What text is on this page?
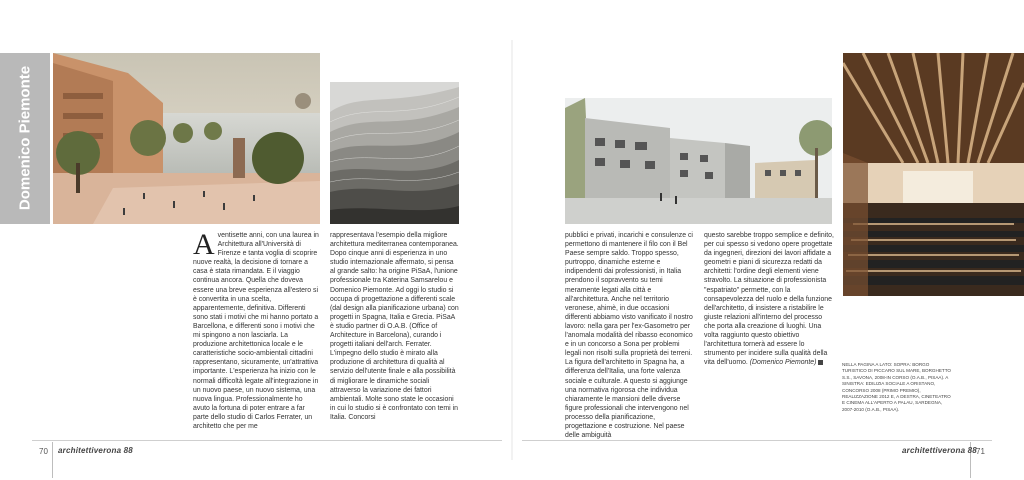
Domenico Piemonte

Aventisette anni, con una laurea in Architettura all'Università di Firenze e tanta voglia di scoprire nuove realtà, la decisione di tornare a casa è stata rimandata. E il viaggio continua ancora. Quella che doveva essere una breve esperienza all'estero si è convertita in una scelta, apparentemente, definitiva. Differenti sono stati i motivi che mi hanno portato a Barcellona, e differenti sono i motivi che mi spingono a non lasciarla. La produzione architettonica locale e le caratteristiche socio-ambientali cittadini rappresentano, sicuramente, un'attrattiva importante. L'esperienza ha inizio con le normali difficoltà legate all'integrazione in un nuovo paese, un nuovo sistema, una nuova lingua. Professionalmente ho avuto la fortuna di poter entrare a far parte dello studio di Carlos Ferrater, un architetto che per me

rappresentava l'esempio della migliore architettura mediterranea contemporanea. Dopo cinque anni di esperienza in uno studio internazionale affermato, si pensa al grande salto: ha origine PiSaA, l'unione professionale tra Katerina Samsarelou e Domenico Piemonte. Ad oggi lo studio si occupa di progettazione a differenti scale (dal design alla pianificazione urbana) con progetti in Spagna, Italia e Grecia. PiSaA è studio partner di O.A.B. (Office of Architecture in Barcelona), curando i progetti italiani dell'arch. Ferrater. L'impegno dello studio è mirato alla produzione di architettura di qualità al servizio dell'utente finale e alla possibilità di migliorare le dinamiche sociali attraverso la variazione dei fattori ambientali. Molte sono state le occasioni in cui lo studio si è confrontato con temi in Italia. Concorsi

pubblici e privati, incarichi e consulenze ci permettono di mantenere il filo con il Bel Paese sempre saldo. Troppo spesso, purtroppo, dinamiche esterne e indipendenti dai professionisti, in Italia prendono il sopravvento su temi meramente legati alla città e all'architettura. Anche nel territorio veronese, ahimè, in due occasioni differenti abbiamo visto vanificato il nostro lavoro: nella gara per l'ex-Gasometro per l'anomala modalità del ribasso economico e in un concorso a Sona per problemi legali non risolti sulla proprietà dei terreni. La figura dell'architetto in Spagna ha, a differenza dell'Italia, una forte valenza sociale e culturale. A questo si aggiunge una normativa rigorosa che individua chiaramente le mansioni delle diverse figure professionali che intervengono nel processo della pianificazione, progettazione e costruzione. Nel paese delle ambiguità

questo sarebbe troppo semplice e definito, per cui spesso si vedono opere progettate da ingegneri, direzioni dei lavori affidate a geometri e piani di sicurezza redatti da architetti: l'ordine degli elementi viene stravolto. La situazione di professionista "espatriato" permette, con la consapevolezza del ruolo e della funzione dell'architetto, di insistere a ristabilire le giuste relazioni all'interno del processo che porta alla creazione di luoghi. Una volta raggiunto questo obiettivo l'architettura tornerà ad essere lo strumento per incidere sulla qualità della vita dell'uomo. (Domenico Piemonte)	NELLA PAGINA A LATO: SOPRA: BORGO TURISTICO DI PICCARO SUL MARE, BORGHETTO S.S., SAVONA, 2008-IN CORSO (O.A.B., PISAA). A SINISTRA: EDILIZIA SOCIALE A ORISTANO, CONCORSO 2008 (PRIMO PREMIO), REALIZZAZIONE 2012 E, A DESTRA, CINETEATRO E CINEMA ALL'APERTO A PALAU, SARDEGNA, 2007-2010 (O.A.B., PISAA).
70 architettiverona 88	architettiverona 88 71
